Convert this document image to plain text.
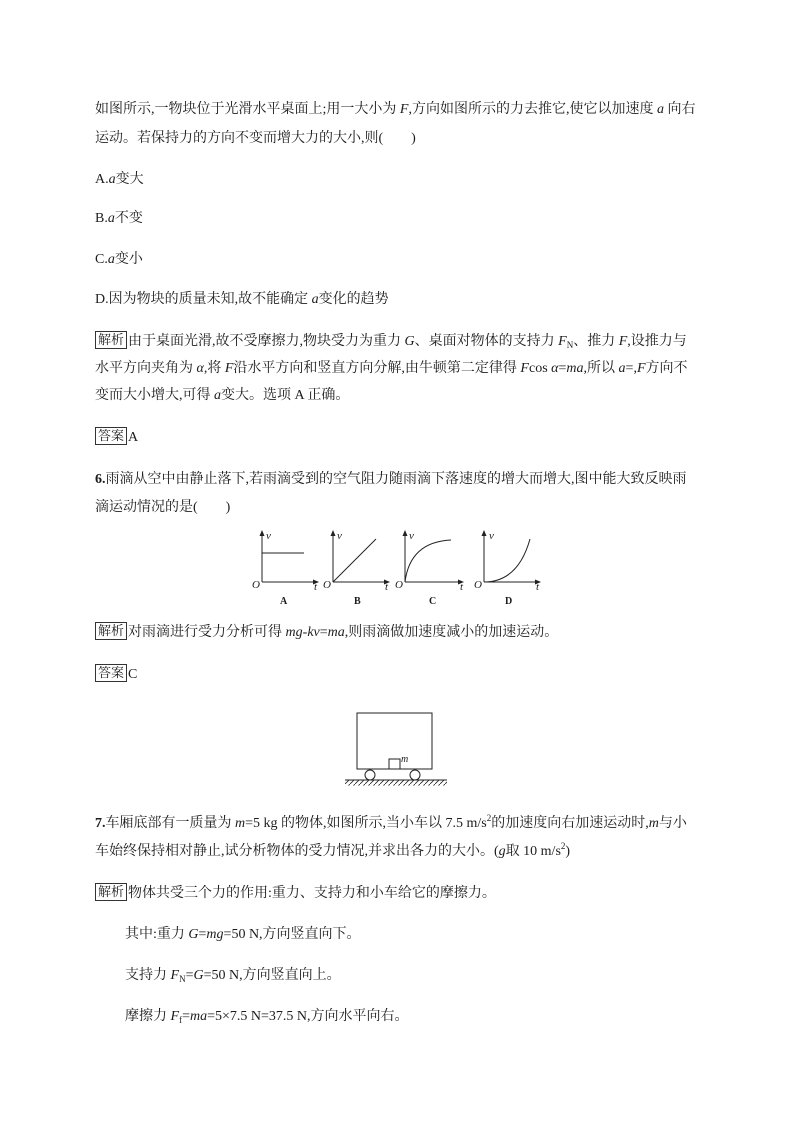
如图所示,一物块位于光滑水平桌面上;用一大小为 F,方向如图所示的力去推它,使它以加速度 a 向右
运动。若保持力的方向不变而增大力的大小,则(　　)
A.a变大
B.a不变
C.a变小
D.因为物块的质量未知,故不能确定 a变化的趋势
解析 由于桌面光滑,故不受摩擦力,物块受力为重力 G、桌面对物体的支持力 $F_N$、推力 F,设推力与
水平方向夹角为 α,将 F沿水平方向和竖直方向分解,由牛顿第二定律得 Fcos α=ma,所以 a=,F方向不
变而大小增大,可得 a变大。选项 A 正确。
答案 A
6.雨滴从空中由静止落下,若雨滴受到的空气阻力随雨滴下落速度的增大而增大,图中能大致反映雨
滴运动情况的是(　　)
v
O	t
A
v
O	t
B
v
O	t
C
v
O	t
D
解析 对雨滴进行受力分析可得 mg-kv=ma,则雨滴做加速度减小的加速运动。
答案 C
m
7.车厢底部有一质量为 m=5 kg 的物体,如图所示,当小车以 7.5 $m/s^2$的加速度向右加速运动时,m与小
车始终保持相对静止,试分析物体的受力情况,并求出各力的大小。(g取 10 $m/s^2$)
解析 物体共受三个力的作用:重力、支持力和小车给它的摩擦力。
其中:重力 G=mg=50 N,方向竖直向下。
支持力 $F_N=G=50$ N,方向竖直向上。
摩擦力 $F_f=ma=5\times 7.5$ N=37.5 N,方向水平向右。
